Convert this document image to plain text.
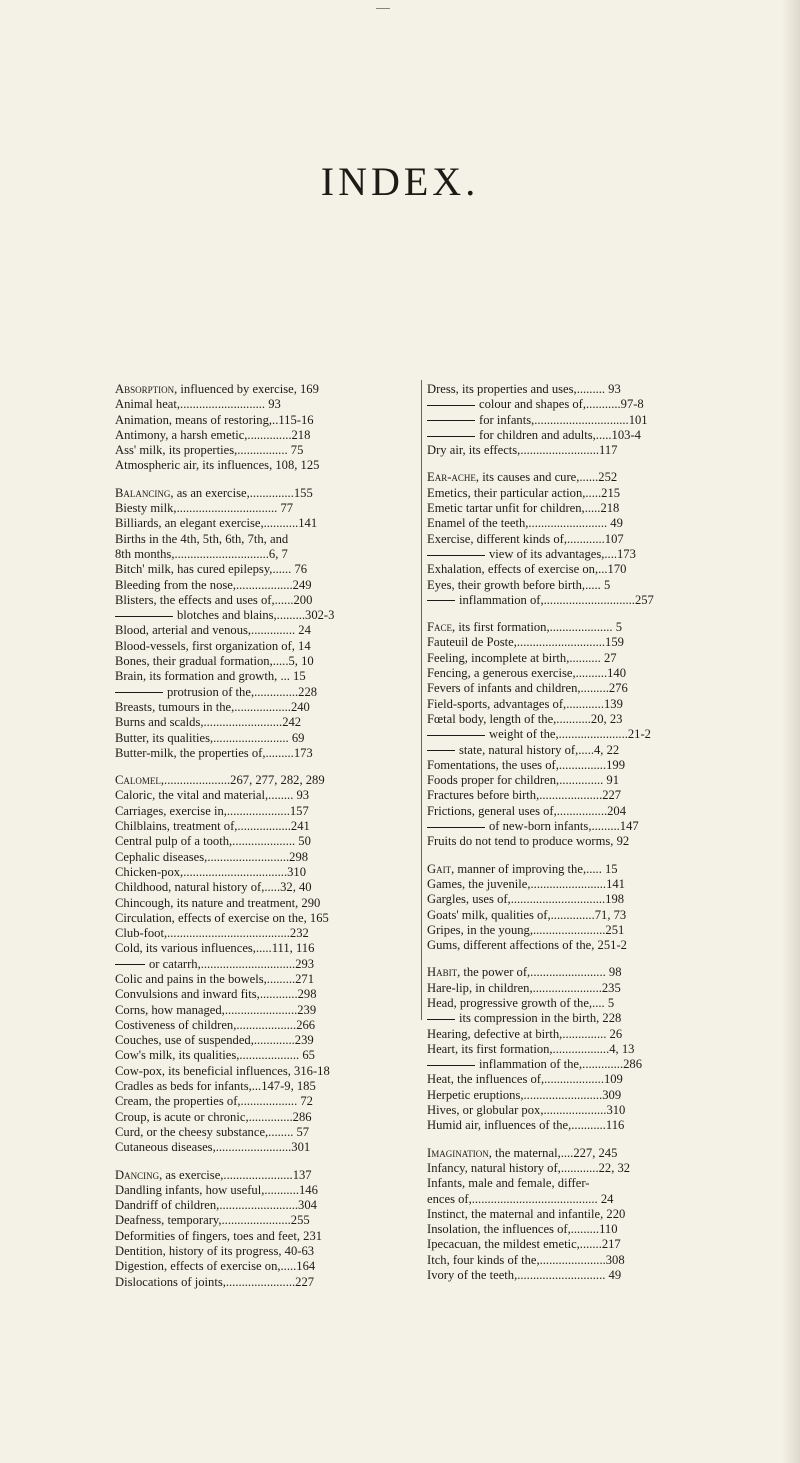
INDEX.
Absorption, influenced by exercise, 169
Animal heat,........................... 93
Animation, means of restoring,..115-16
Antimony, a harsh emetic,..............218
Ass' milk, its properties,................ 75
Atmospheric air, its influences, 108, 125
Balancing, as an exercise,..............155
Biesty milk,................................ 77
Billiards, an elegant exercise,...........141
Births in the 4th, 5th, 6th, 7th, and
8th months,..............................6, 7
Bitch' milk, has cured epilepsy,...... 76
Bleeding from the nose,..................249
Blisters, the effects and uses of,......200
blotches and blains,.........302-3
Blood, arterial and venous,.............. 24
Blood-vessels, first organization of, 14
Bones, their gradual formation,.....5, 10
Brain, its formation and growth, ... 15
protrusion of the,..............228
Breasts, tumours in the,..................240
Burns and scalds,.........................242
Butter, its qualities,........................ 69
Butter-milk, the properties of,.........173
Calomel,.....................267, 277, 282, 289
Caloric, the vital and material,........ 93
Carriages, exercise in,....................157
Chilblains, treatment of,.................241
Central pulp of a tooth,.................... 50
Cephalic diseases,..........................298
Chicken-pox,.................................310
Childhood, natural history of,.....32, 40
Chincough, its nature and treatment, 290
Circulation, effects of exercise on the, 165
Club-foot,.......................................232
Cold, its various influences,.....111, 116
or catarrh,..............................293
Colic and pains in the bowels,.........271
Convulsions and inward fits,............298
Corns, how managed,.......................239
Costiveness of children,...................266
Couches, use of suspended,.............239
Cow's milk, its qualities,................... 65
Cow-pox, its beneficial influences, 316-18
Cradles as beds for infants,...147-9, 185
Cream, the properties of,.................. 72
Croup, is acute or chronic,..............286
Curd, or the cheesy substance,........ 57
Cutaneous diseases,........................301
Dancing, as exercise,......................137
Dandling infants, how useful,...........146
Dandriff of children,.........................304
Deafness, temporary,......................255
Deformities of fingers, toes and feet, 231
Dentition, history of its progress, 40-63
Digestion, effects of exercise on,.....164
Dislocations of joints,......................227
Dress, its properties and uses,......... 93
colour and shapes of,...........97-8
for infants,..............................101
for children and adults,.....103-4
Dry air, its effects,.........................117
Ear-ache, its causes and cure,......252
Emetics, their particular action,.....215
Emetic tartar unfit for children,.....218
Enamel of the teeth,......................... 49
Exercise, different kinds of,............107
view of its advantages,....173
Exhalation, effects of exercise on,...170
Eyes, their growth before birth,..... 5
inflammation of,.............................257
Face, its first formation,.................... 5
Fauteuil de Poste,............................159
Feeling, incomplete at birth,.......... 27
Fencing, a generous exercise,..........140
Fevers of infants and children,.........276
Field-sports, advantages of,............139
Fœtal body, length of the,...........20, 23
weight of the,......................21-2
state, natural history of,.....4, 22
Fomentations, the uses of,...............199
Foods proper for children,.............. 91
Fractures before birth,....................227
Frictions, general uses of,................204
of new-born infants,.........147
Fruits do not tend to produce worms, 92
Gait, manner of improving the,..... 15
Games, the juvenile,........................141
Gargles, uses of,..............................198
Goats' milk, qualities of,..............71, 73
Gripes, in the young,.......................251
Gums, different affections of the, 251-2
Habit, the power of,........................ 98
Hare-lip, in children,......................235
Head, progressive growth of the,.... 5
its compression in the birth, 228
Hearing, defective at birth,.............. 26
Heart, its first formation,..................4, 13
inflammation of the,.............286
Heat, the influences of,...................109
Herpetic eruptions,.........................309
Hives, or globular pox,....................310
Humid air, influences of the,...........116
Imagination, the maternal,....227, 245
Infancy, natural history of,............22, 32
Infants, male and female, differ-
ences of,........................................ 24
Instinct, the maternal and infantile, 220
Insolation, the influences of,.........110
Ipecacuan, the mildest emetic,.......217
Itch, four kinds of the,.....................308
Ivory of the teeth,............................ 49
